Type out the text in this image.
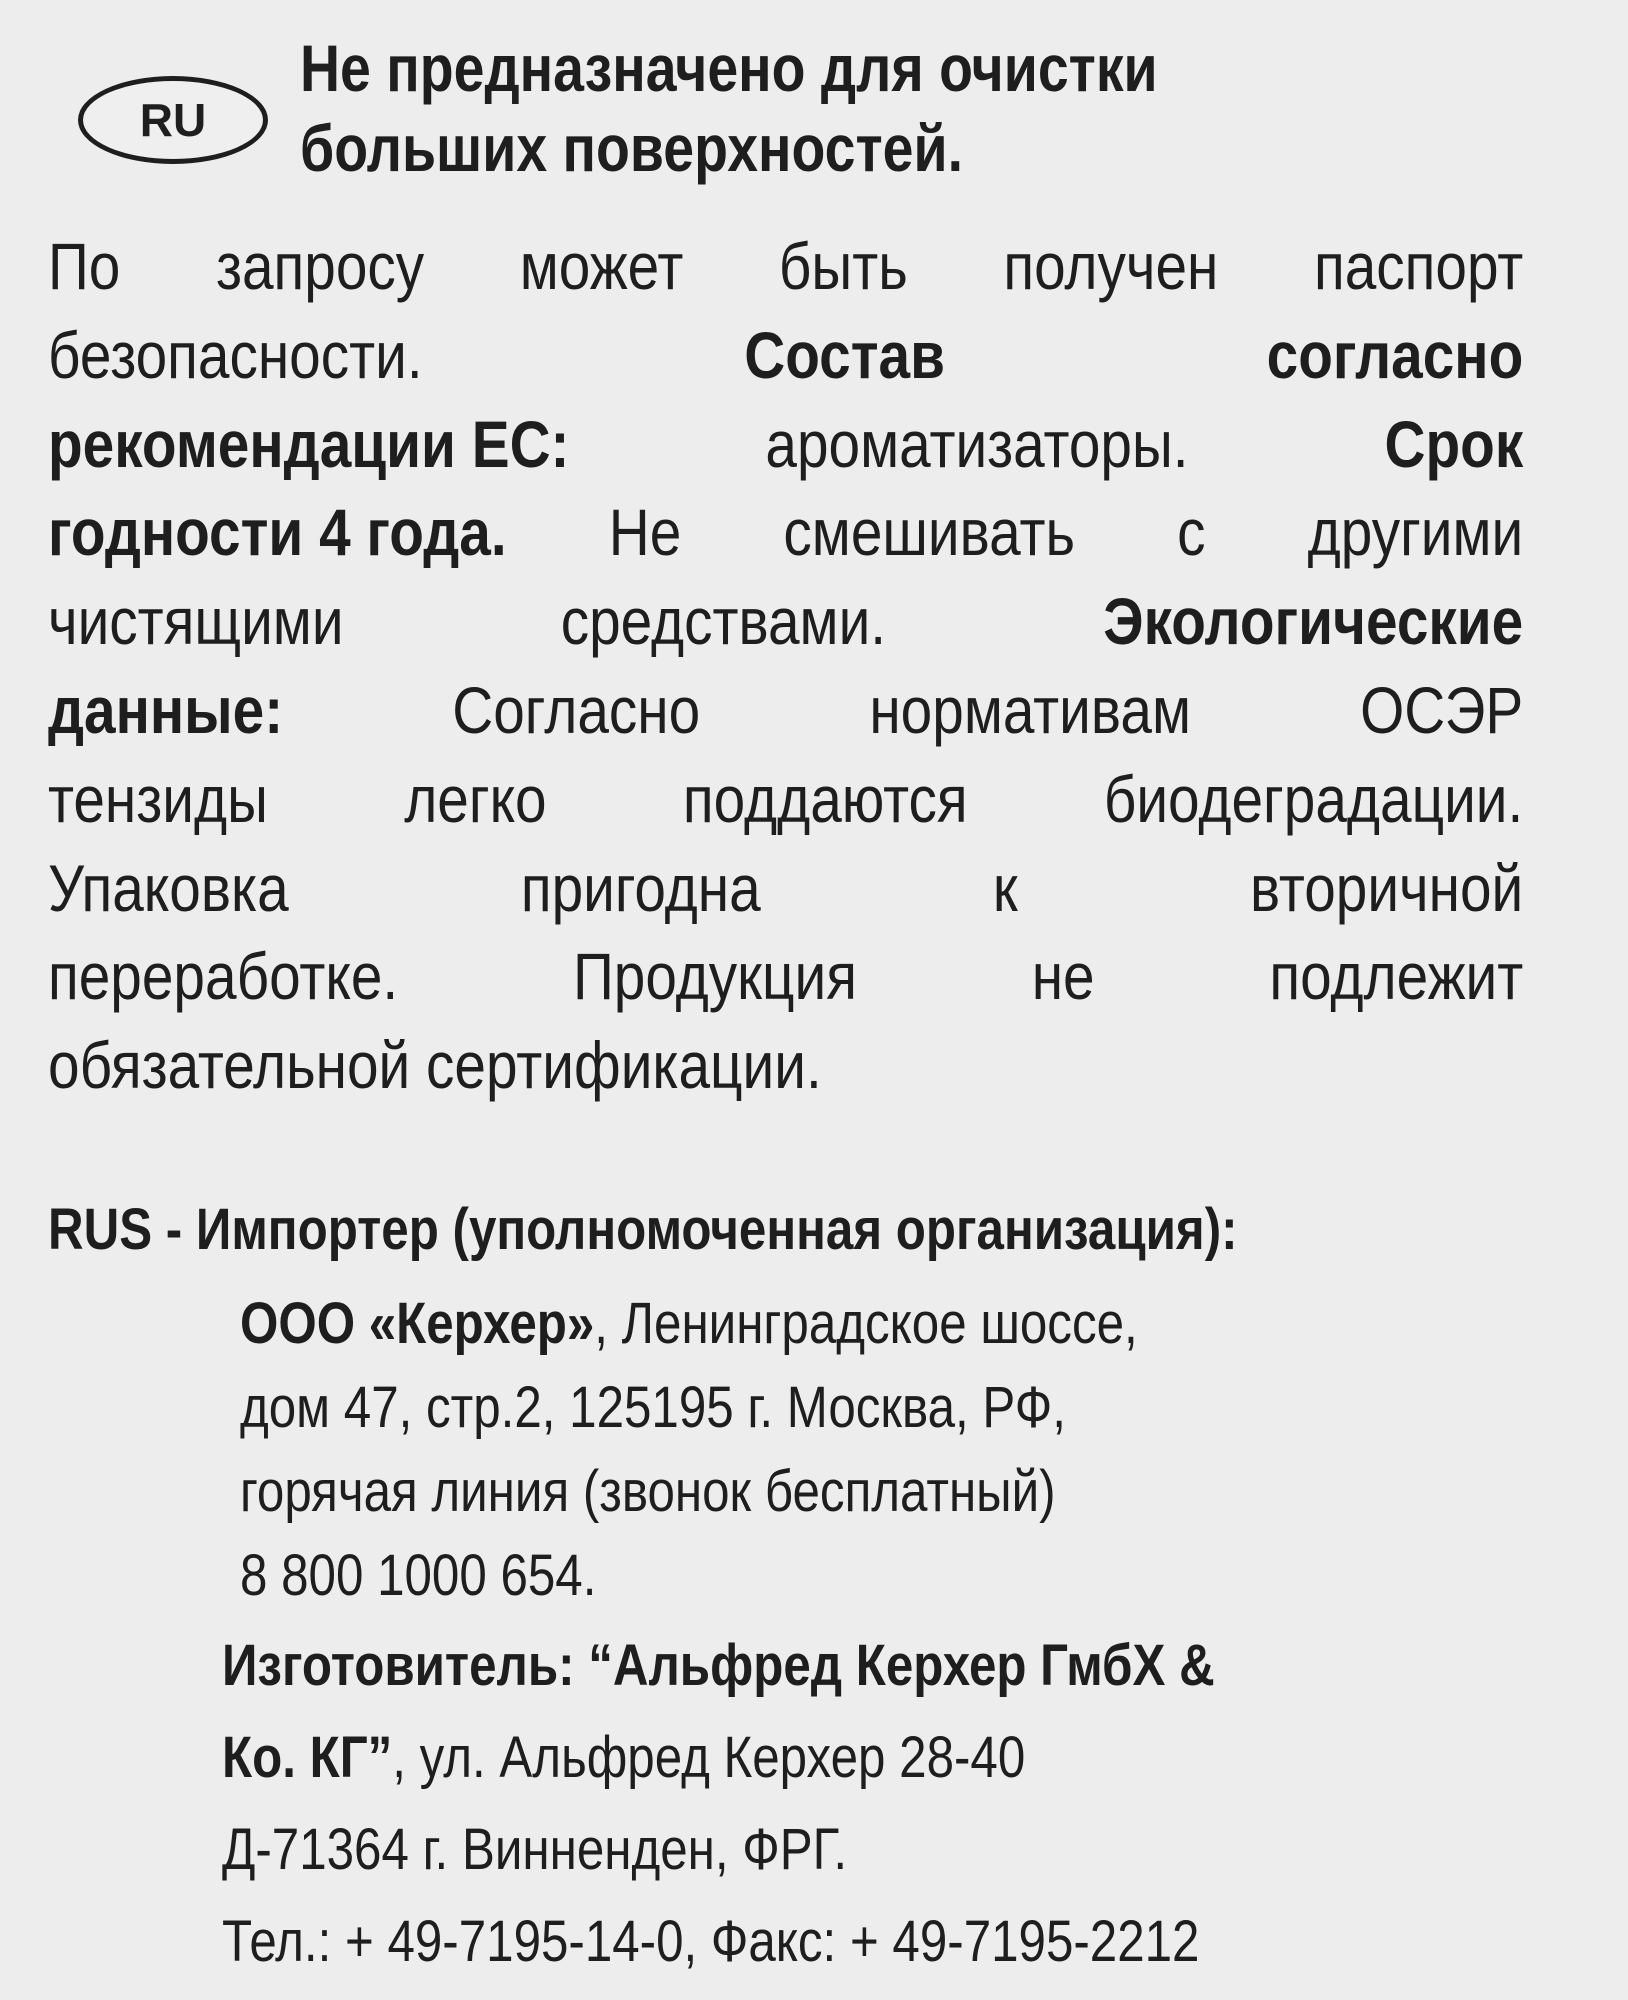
RU
Не предназначено для очистки
больших поверхностей.
По запросу может быть получен паспорт
безопасности.	Состав	согласно
рекомендации ЕС:	ароматизаторы.	Срок
годности 4 года. Не смешивать с другими
чистящими	средствами.	Экологические
данные:	Согласно	нормативам	ОСЭР
тензиды легко поддаются биодеградации.
Упаковка	пригодна	к	вторичной
переработке.	Продукция	не	подлежит
обязательной сертификации.
RUS - Импортер (уполномоченная организация):
ООО «Керхер», Ленинградское шоссе,
дом 47, стр.2, 125195 г. Москва, РФ,
горячая линия (звонок бесплатный)
8 800 1000 654.
Изготовитель: “Альфред Керхер ГмбХ &
Ко. КГ”, ул. Альфред Керхер 28-40
Д-71364 г. Винненден, ФРГ.
Тел.: + 49-7195-14-0, Факс: + 49-7195-2212
